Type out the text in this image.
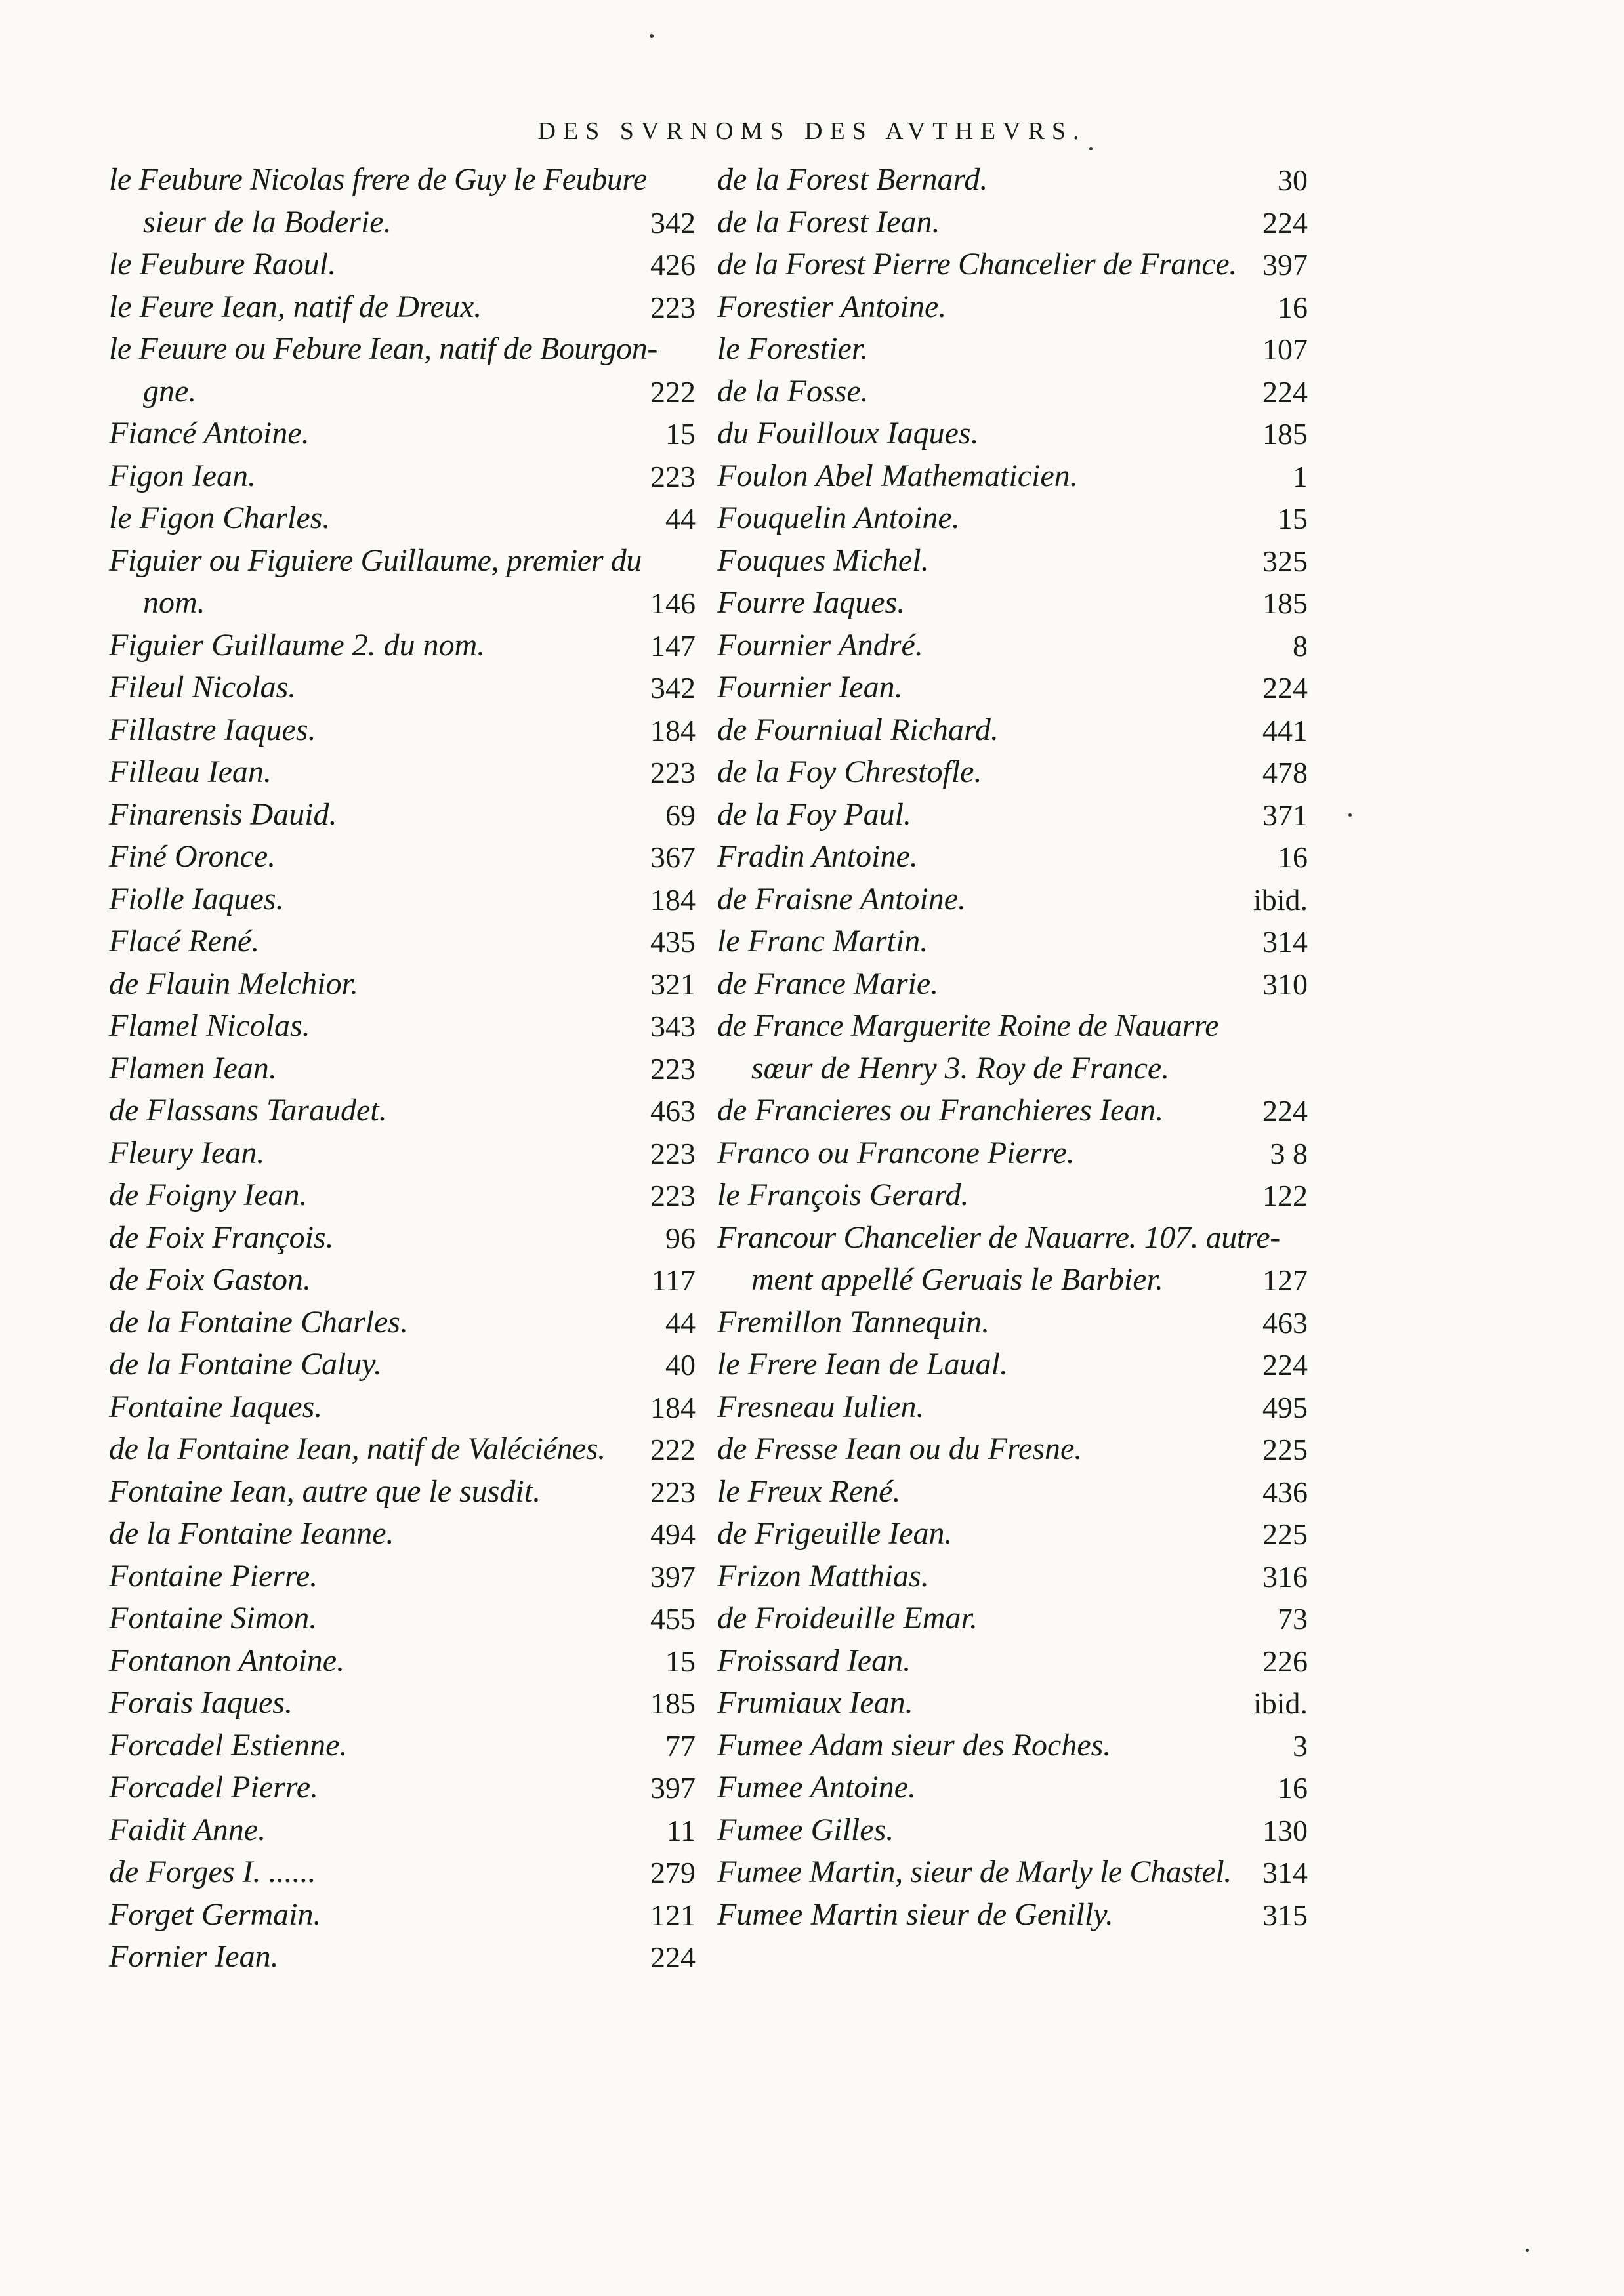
DES SVRNOMS DES AVTHEVRS.
le Feubure Nicolas frere de Guy le Feubure
sieur de la Boderie.	342
le Feubure Raoul.	426
le Feure Iean, natif de Dreux.	223
le Feuure ou Febure Iean, natif de Bourgon-
gne.	222
Fiancé Antoine.	15
Figon Iean.	223
le Figon Charles.	44
Figuier ou Figuiere Guillaume, premier du
nom.	146
Figuier Guillaume 2. du nom.	147
Fileul Nicolas.	342
Fillastre Iaques.	184
Filleau Iean.	223
Finarensis Dauid.	69
Finé Oronce.	367
Fiolle Iaques.	184
Flacé René.	435
de Flauin Melchior.	321
Flamel Nicolas.	343
Flamen Iean.	223
de Flassans Taraudet.	463
Fleury Iean.	223
de Foigny Iean.	223
de Foix François.	96
de Foix Gaston.	117
de la Fontaine Charles.	44
de la Fontaine Caluy.	40
Fontaine Iaques.	184
de la Fontaine Iean, natif de Valéciénes. 222
Fontaine Iean, autre que le susdit.	223
de la Fontaine Ieanne.	494
Fontaine Pierre.	397
Fontaine Simon.	455
Fontanon Antoine.	15
Forais Iaques.	185
Forcadel Estienne.	77
Forcadel Pierre.	397
Faidit Anne.	11
de Forges I. ......	279
Forget Germain.	121
Fornier Iean.	224
de la Forest Bernard.	30
de la Forest Iean.	224
de la Forest Pierre Chancelier de France. 397
Forestier Antoine.	16
le Forestier.	107
de la Fosse.	224
du Fouilloux Iaques.	185
Foulon Abel Mathematicien.	1
Fouquelin Antoine.	15
Fouques Michel.	325
Fourre Iaques.	185
Fournier André.	8
Fournier Iean.	224
de Fourniual Richard.	441
de la Foy Chrestofle.	478
de la Foy Paul.	371
Fradin Antoine.	16
de Fraisne Antoine.	ibid.
le Franc Martin.	314
de France Marie.	310
de France Marguerite Roine de Nauarre
sœur de Henry 3. Roy de France.
de Francieres ou Franchieres Iean.	224
Franco ou Francone Pierre.	3 8
le François Gerard.	122
Francour Chancelier de Nauarre. 107. autre-
ment appellé Geruais le Barbier.	127
Fremillon Tannequin.	463
le Frere Iean de Laual.	224
Fresneau Iulien.	495
de Fresse Iean ou du Fresne.	225
le Freux René.	436
de Frigeuille Iean.	225
Frizon Matthias.	316
de Froideuille Emar.	73
Froissard Iean.	226
Frumiaux Iean.	ibid.
Fumee Adam sieur des Roches.	3
Fumee Antoine.	16
Fumee Gilles.	130
Fumee Martin, sieur de Marly le Chastel. 314
Fumee Martin sieur de Genilly.	315
